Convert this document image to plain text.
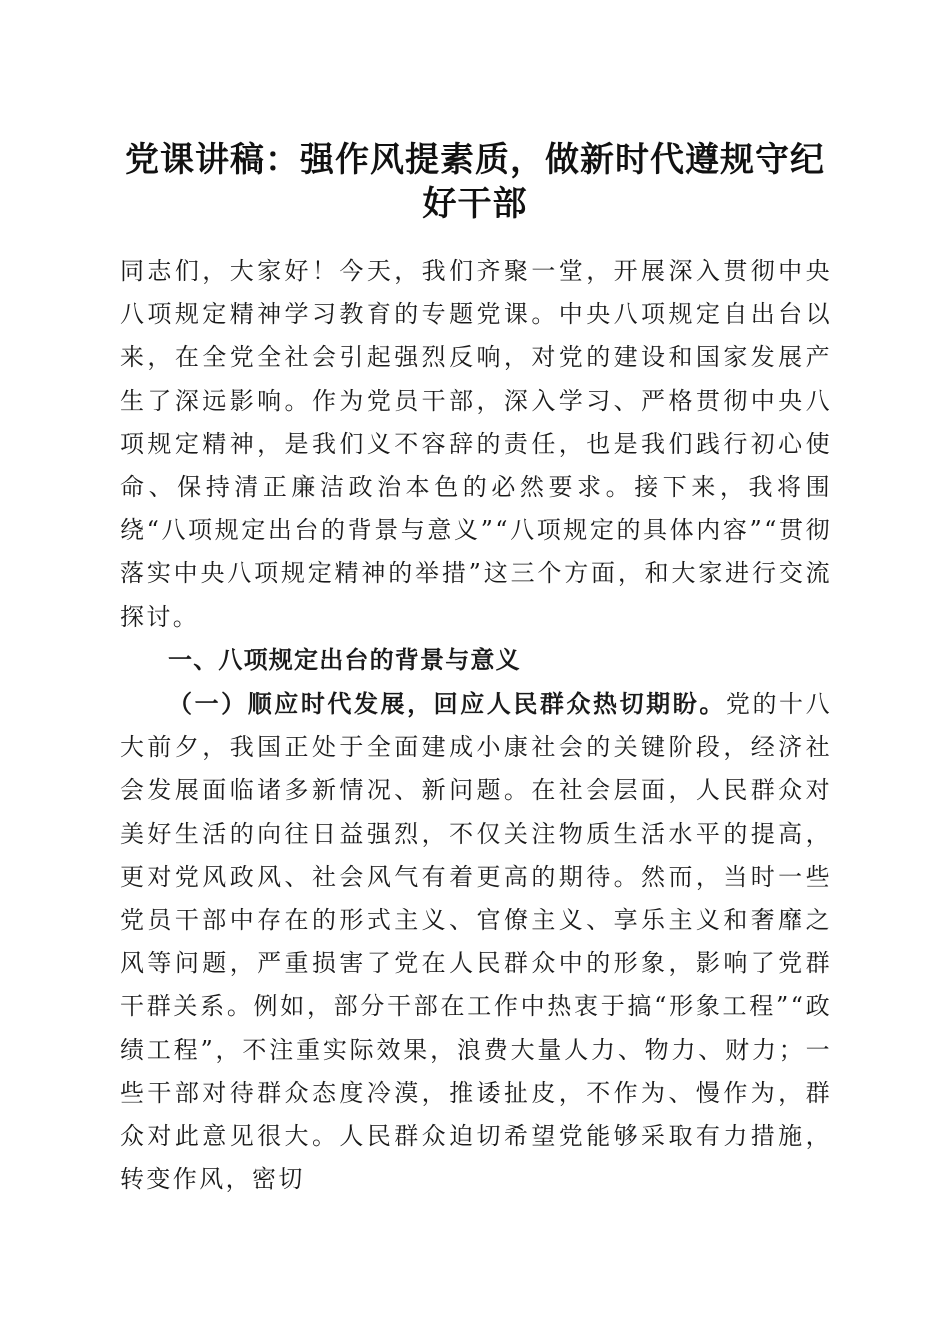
党课讲稿：强作风提素质，做新时代遵规守纪好干部

同志们，大家好！今天，我们齐聚一堂，开展深入贯彻中央八项规定精神学习教育的专题党课。中央八项规定自出台以来，在全党全社会引起强烈反响，对党的建设和国家发展产生了深远影响。作为党员干部，深入学习、严格贯彻中央八项规定精神，是我们义不容辞的责任，也是我们践行初心使命、保持清正廉洁政治本色的必然要求。接下来，我将围绕“八项规定出台的背景与意义”“八项规定的具体内容”“贯彻落实中央八项规定精神的举措”这三个方面，和大家进行交流探讨。

一、八项规定出台的背景与意义

（一）顺应时代发展，回应人民群众热切期盼。党的十八大前夕，我国正处于全面建成小康社会的关键阶段，经济社会发展面临诸多新情况、新问题。在社会层面，人民群众对美好生活的向往日益强烈，不仅关注物质生活水平的提高，更对党风政风、社会风气有着更高的期待。然而，当时一些党员干部中存在的形式主义、官僚主义、享乐主义和奢靡之风等问题，严重损害了党在人民群众中的形象，影响了党群干群关系。例如，部分干部在工作中热衷于搞“形象工程”“政绩工程”，不注重实际效果，浪费大量人力、物力、财力；一些干部对待群众态度冷漠，推诿扯皮，不作为、慢作为，群众对此意见很大。人民群众迫切希望党能够采取有力措施，转变作风，密切
